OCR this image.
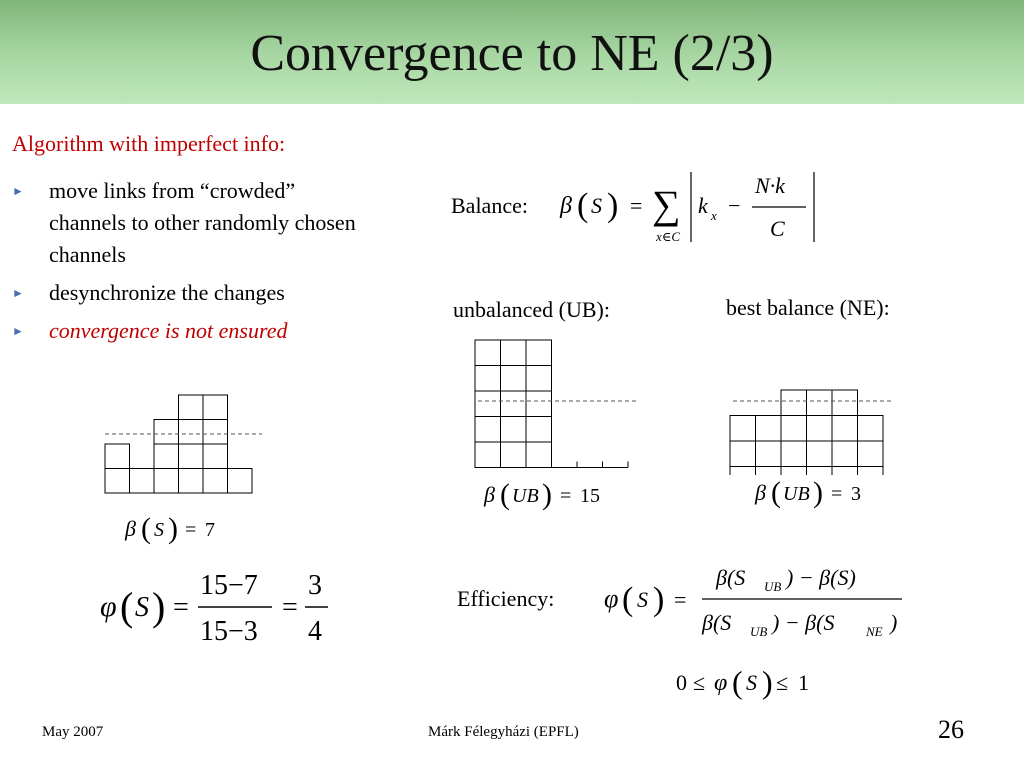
Convergence to NE (2/3)
Algorithm with imperfect info:
► move links from “crowded” channels to other randomly chosen channels
► desynchronize the changes
► convergence is not ensured
β ( S ) = 7
φ ( S ) =
15−7
15−3
=
3
4
Balance: β ( S ) = ∑
x∈C
k x −
N·k
C
unbalanced (UB):	best balance (NE):
β ( UB ) = 15	β ( UB ) = 3
Efficiency: φ ( S ) =
β(S UB ) − β(S)
β(S UB ) − β(S NE )
0 ≤ φ ( S ) ≤ 1
May 2007	Márk Félegyházi (EPFL)	26
